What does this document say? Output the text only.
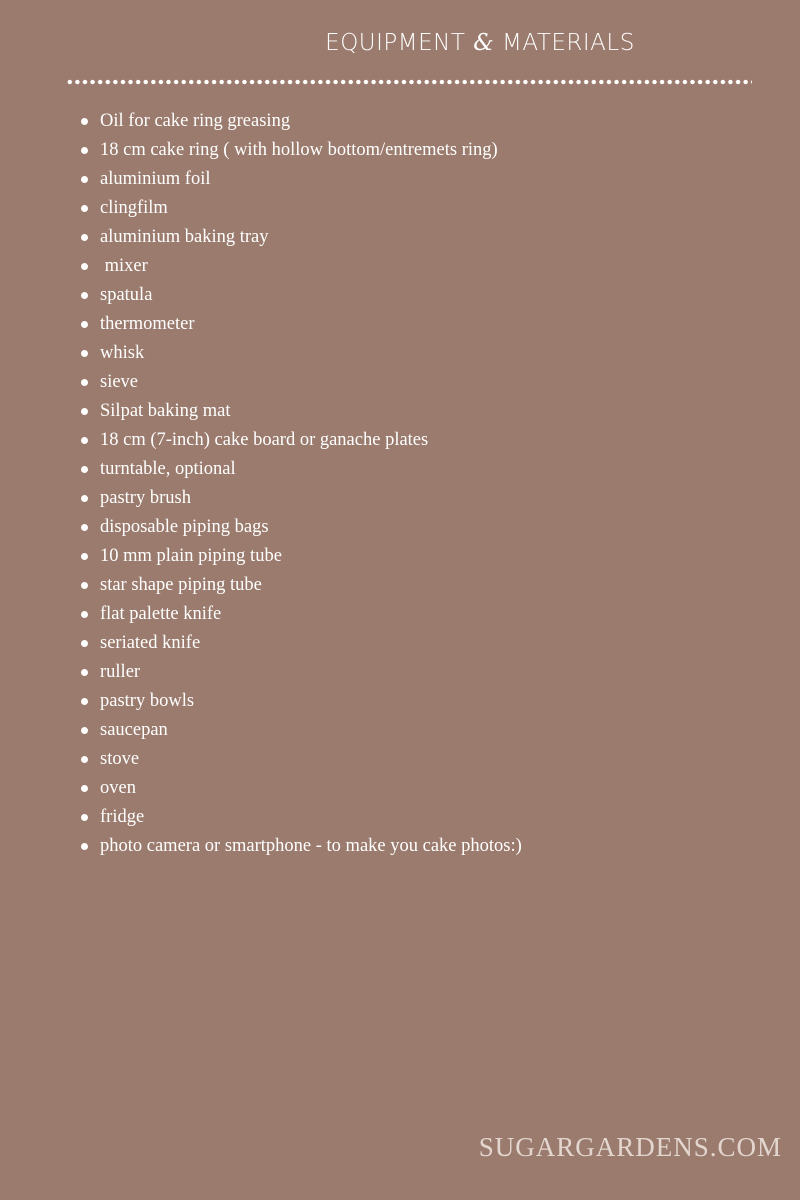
EQUIPMENT & MATERIALS
Oil for cake ring greasing
18 cm cake ring ( with hollow bottom/entremets ring)
aluminium foil
clingfilm
aluminium baking tray
mixer
spatula
thermometer
whisk
sieve
Silpat baking mat
18 cm (7-inch) cake board or ganache plates
turntable, optional
pastry brush
disposable piping bags
10 mm plain piping tube
star shape piping tube
flat palette knife
seriated knife
ruller
pastry bowls
saucepan
stove
oven
fridge
photo camera or smartphone - to make you cake photos:)
SUGARGARDENS.COM
